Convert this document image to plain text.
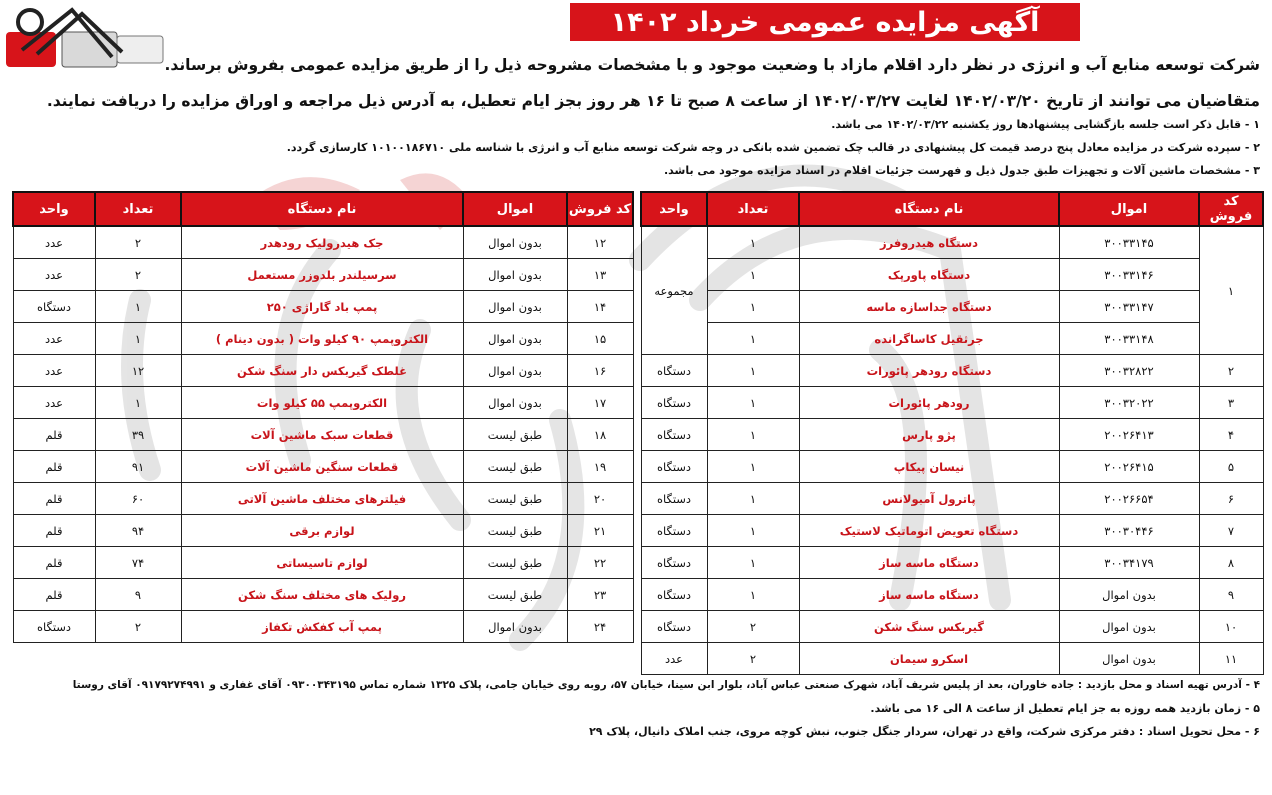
آگهی مزایده عمومی خرداد ۱۴۰۲
شرکت توسعه منابع آب و انرژی در نظر دارد اقلام مازاد با وضعیت موجود و با مشخصات مشروحه ذیل را از طریق مزایده عمومی بفروش برساند.
متقاضیان می توانند از تاریخ ۱۴۰۲/۰۳/۲۰ لغایت ۱۴۰۲/۰۳/۲۷ از ساعت ۸ صبح تا ۱۶ هر روز بجز ایام تعطیل، به آدرس ذیل مراجعه و اوراق مزایده را دریافت نمایند.
۱ - قابل ذکر است جلسه بازگشایی پیشنهادها روز یکشنبه ۱۴۰۲/۰۳/۲۲ می باشد.
۲ - سپرده شرکت در مزایده معادل پنج درصد قیمت کل پیشنهادی در قالب چک تضمین شده بانکی در وجه شرکت توسعه منابع آب و انرژی با شناسه ملی ۱۰۱۰۰۱۸۶۷۱۰ کارسازی گردد.
۳ - مشخصات ماشین آلات و تجهیزات طبق جدول ذیل و فهرست جزئیات اقلام در اسناد مزایده موجود می باشد.
کد فروش	اموال	نام دستگاه	تعداد	واحد
۱	۳۰۰۳۳۱۴۵	دستگاه هیدروفرز	۱	مجموعه
	۳۰۰۳۳۱۴۶	دستگاه پاورپک	۱	
	۳۰۰۳۳۱۴۷	دستگاه جداسازه ماسه	۱	
	۳۰۰۳۳۱۴۸	جرثقیل کاساگرانده	۱	
۲	۳۰۰۳۲۸۲۲	دستگاه رودهر پائورات	۱	دستگاه
۳	۳۰۰۳۲۰۲۲	رودهر پائورات	۱	دستگاه
۴	۲۰۰۲۶۴۱۳	پژو پارس	۱	دستگاه
۵	۲۰۰۲۶۴۱۵	نیسان پیکاپ	۱	دستگاه
۶	۲۰۰۲۶۶۵۴	پاترول آمبولانس	۱	دستگاه
۷	۳۰۰۳۰۴۴۶	دستگاه تعویض اتوماتیک لاستیک	۱	دستگاه
۸	۳۰۰۳۴۱۷۹	دستگاه ماسه ساز	۱	دستگاه
۹	بدون اموال	دستگاه ماسه ساز	۱	دستگاه
۱۰	بدون اموال	گیربکس سنگ شکن	۲	دستگاه
۱۱	بدون اموال	اسکرو سیمان	۲	عدد
کد فروش	اموال	نام دستگاه	تعداد	واحد
۱۲	بدون اموال	جک هیدرولیک رودهدر	۲	عدد
۱۳	بدون اموال	سرسیلندر بلدوزر مستعمل	۲	عدد
۱۴	بدون اموال	پمپ باد گاراژی ۲۵۰	۱	دستگاه
۱۵	بدون اموال	الکتروپمپ ۹۰ کیلو وات ( بدون دینام )	۱	عدد
۱۶	بدون اموال	غلطک گیربکس دار سنگ شکن	۱۲	عدد
۱۷	بدون اموال	الکتروپمپ ۵۵ کیلو وات	۱	عدد
۱۸	طبق لیست	قطعات سبک ماشین آلات	۳۹	قلم
۱۹	طبق لیست	قطعات سنگین ماشین آلات	۹۱	قلم
۲۰	طبق لیست	فیلترهای مختلف ماشین آلاتی	۶۰	قلم
۲۱	طبق لیست	لوازم برقی	۹۴	قلم
۲۲	طبق لیست	لوازم تاسیساتی	۷۴	قلم
۲۳	طبق لیست	رولیک های مختلف سنگ شکن	۹	قلم
۲۴	بدون اموال	پمپ آب کفکش تکفاز	۲	دستگاه
۴ - آدرس تهیه اسناد و محل بازدید : جاده خاوران، بعد از پلیس شریف آباد، شهرک صنعتی عباس آباد، بلوار ابن سینا، خیابان ۵۷، روبه روی خیابان جامی، پلاک ۱۳۲۵ شماره تماس ۰۹۳۰۰۳۴۳۱۹۵ آقای غفاری و ۰۹۱۷۹۲۷۴۹۹۱ آقای روستا
۵ - زمان بازدید همه روزه به جز ایام تعطیل از ساعت ۸ الی ۱۶ می باشد.
۶ - محل تحویل اسناد : دفتر مرکزی شرکت، واقع در تهران، سردار جنگل جنوب، نبش کوچه مروی، جنب املاک دانیال، پلاک ۲۹
